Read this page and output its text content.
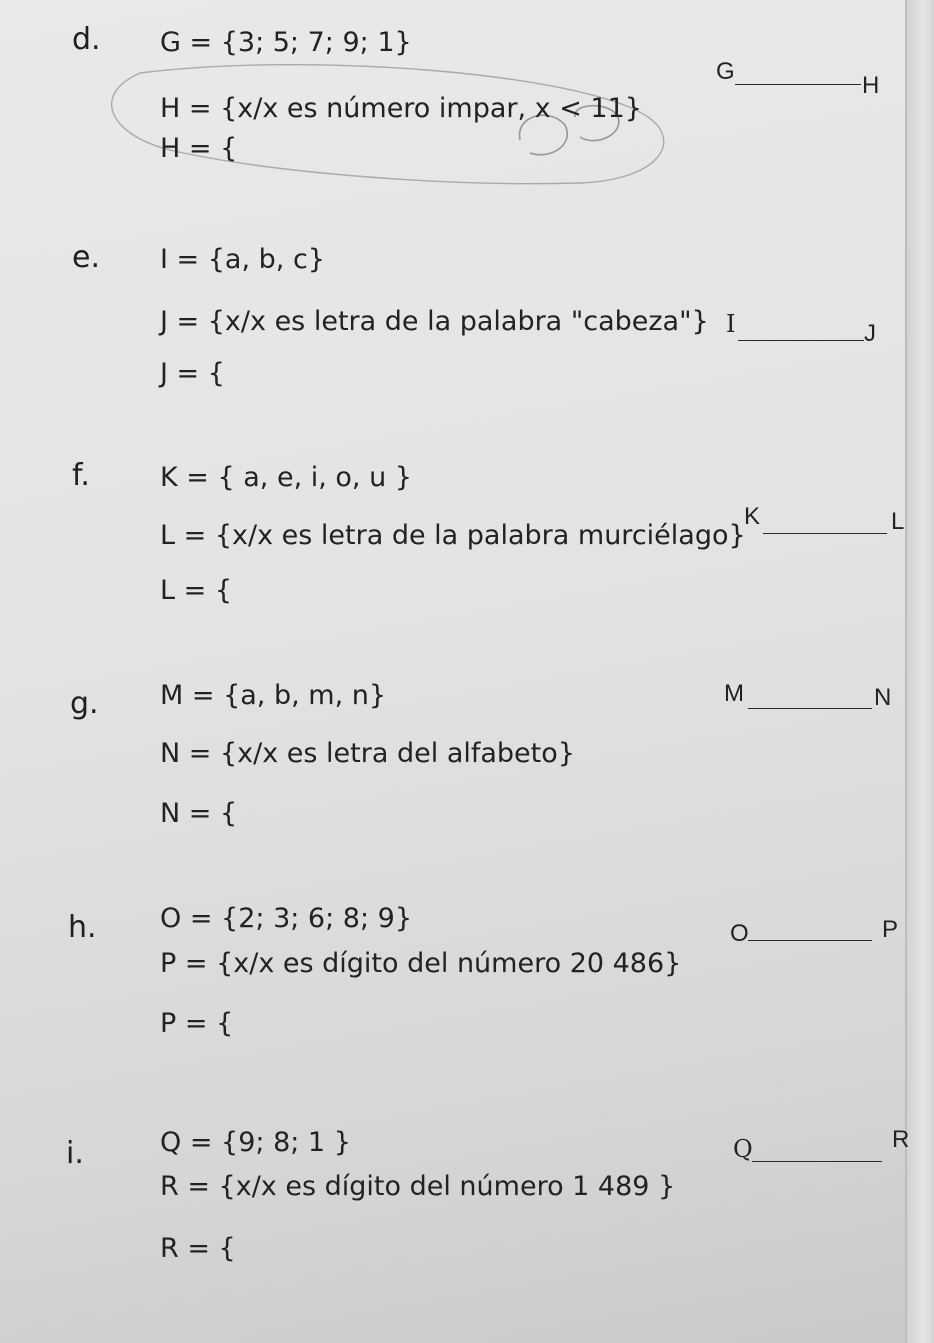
d. G = {3; 5; 7; 9; 1}
H = {x/x es número impar, x < 11}
H = {
G
H
e. I = {a, b, c}
J = {x/x es letra de la palabra "cabeza"}
J = {
I	J
f.	K = { a, e, i, o, u }
L = {x/x es letra de la palabra murciélago}
L = {
K	L
g. M = {a, b, m, n}
N = {x/x es letra del alfabeto}
N = {
M	N
h. O = {2; 3; 6; 8; 9}
P = {x/x es dígito del número 20 486}
P = {
O	P
i.	Q = {9; 8; 1 }
R = {x/x es dígito del número 1 489 }
R = {
Q	R
